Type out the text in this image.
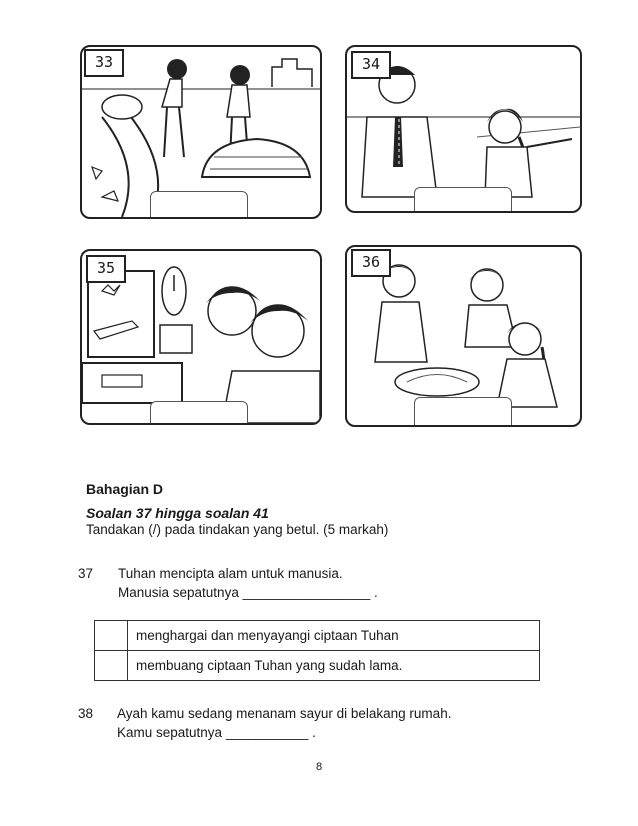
33	34
35	36
Bahagian D
Soalan 37 hingga soalan 41
Tandakan (/) pada tindakan yang betul. (5 markah)
37 Tuhan mencipta alam untuk manusia.
Manusia sepatutnya _________________ .
	menghargai dan menyayangi ciptaan Tuhan
	membuang ciptaan Tuhan yang sudah lama.
38 Ayah kamu sedang menanam sayur di belakang rumah.
Kamu sepatutnya ___________ .
8
